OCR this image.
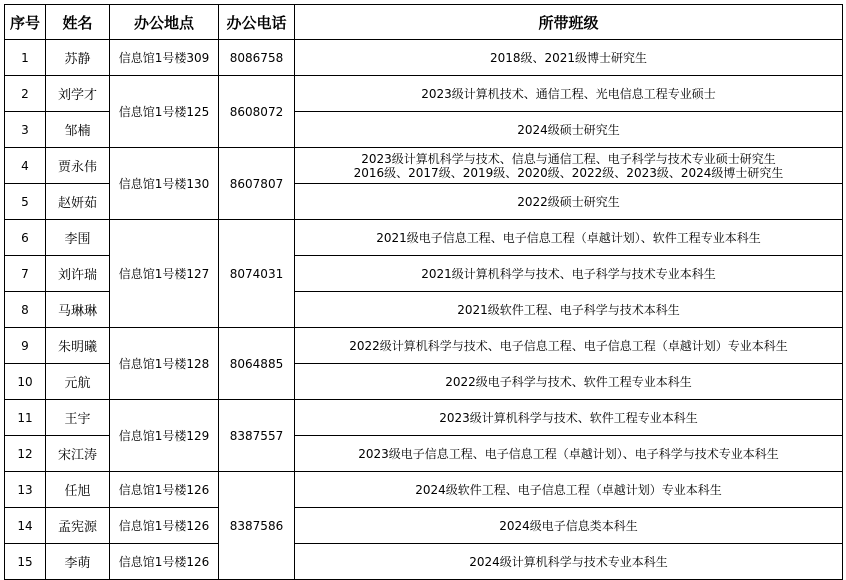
序号	姓名	办公地点	办公电话	所带班级
1	苏静	信息馆1号楼309	8086758	2018级、2021级博士研究生
2	刘学才	信息馆1号楼125	8608072	2023级计算机技术、通信工程、光电信息工程专业硕士
3	邹楠			2024级硕士研究生
4	贾永伟	信息馆1号楼130	8607807	2023级计算机科学与技术、信息与通信工程、电子科学与技术专业硕士研究生
2016级、2017级、2019级、2020级、2022级、2023级、2024级博士研究生

5	赵妍茹			2022级硕士研究生
6	李围	信息馆1号楼127	8074031	2021级电子信息工程、电子信息工程（卓越计划）、软件工程专业本科生
7	刘许瑞			2021级计算机科学与技术、电子科学与技术专业本科生
8	马琳琳			2021级软件工程、电子科学与技术本科生
9	朱明曦	信息馆1号楼128	8064885	2022级计算机科学与技术、电子信息工程、电子信息工程（卓越计划）专业本科生
10	元航			2022级电子科学与技术、软件工程专业本科生
11	王宇	信息馆1号楼129	8387557	2023级计算机科学与技术、软件工程专业本科生
12	宋江涛			2023级电子信息工程、电子信息工程（卓越计划）、电子科学与技术专业本科生
13	任旭	信息馆1号楼126	8387586	2024级软件工程、电子信息工程（卓越计划）专业本科生
14	孟宪源	信息馆1号楼126		2024级电子信息类本科生
15	李萌	信息馆1号楼126		2024级计算机科学与技术专业本科生
